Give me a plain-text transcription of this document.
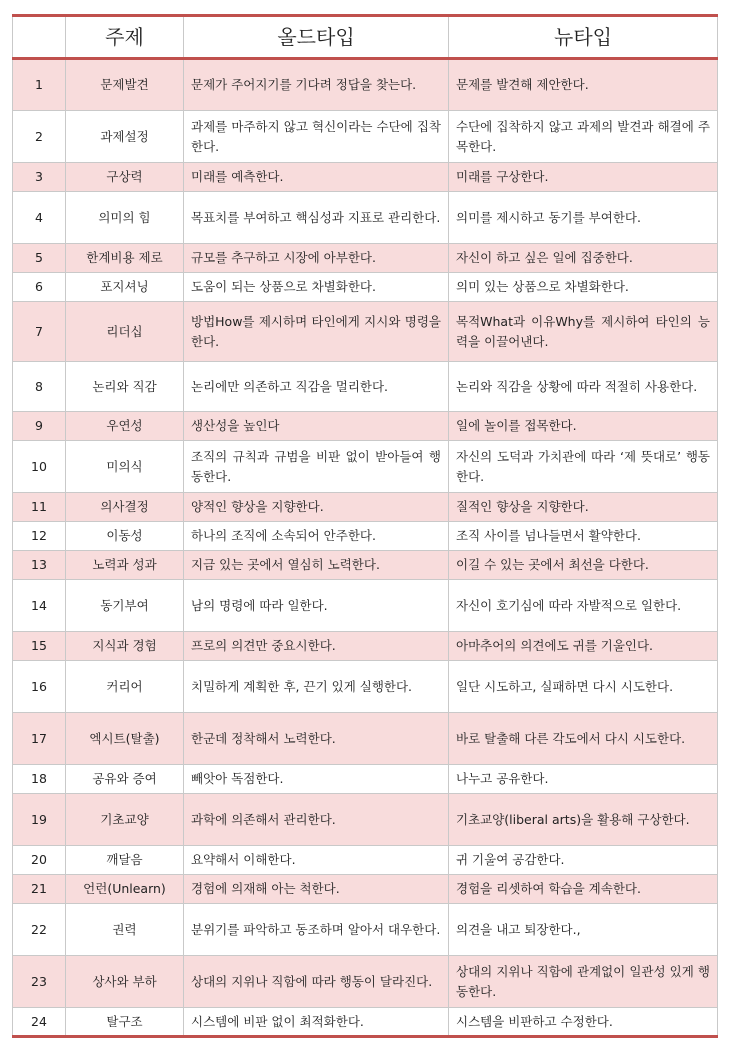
	주제	올드타입	뉴타입
1	문제발견	문제가 주어지기를 기다려 정답을 찾는다.	문제를 발견해 제안한다.
2	과제설정	과제를 마주하지 않고 혁신이라는 수단에 집착한다.	수단에 집착하지 않고 과제의 발견과 해결에 주목한다.
3	구상력	미래를 예측한다.	미래를 구상한다.
4	의미의 힘	목표치를 부여하고 핵심성과 지표로 관리한다.	의미를 제시하고 동기를 부여한다.
5	한계비용 제로	규모를 추구하고 시장에 아부한다.	자신이 하고 싶은 일에 집중한다.
6	포지셔닝	도움이 되는 상품으로 차별화한다.	의미 있는 상품으로 차별화한다.
7	리더십	방법How를 제시하며 타인에게 지시와 명령을 한다.	목적What과 이유Why를 제시하여 타인의 능력을 이끌어낸다.
8	논리와 직감	논리에만 의존하고 직감을 멀리한다.	논리와 직감을 상황에 따라 적절히 사용한다.
9	우연성	생산성을 높인다	일에 놀이를 접목한다.
10	미의식	조직의 규칙과 규범을 비판 없이 받아들여 행동한다.	자신의 도덕과 가치관에 따라 ‘제 뜻대로’ 행동한다.
11	의사결정	양적인 향상을 지향한다.	질적인 향상을 지향한다.
12	이동성	하나의 조직에 소속되어 안주한다.	조직 사이를 넘나들면서 활약한다.
13	노력과 성과	지금 있는 곳에서 열심히 노력한다.	이길 수 있는 곳에서 최선을 다한다.
14	동기부여	남의 명령에 따라 일한다.	자신이 호기심에 따라 자발적으로 일한다.
15	지식과 경험	프로의 의견만 중요시한다.	아마추어의 의견에도 귀를 기울인다.
16	커리어	치밀하게 계획한 후, 끈기 있게 실행한다.	일단 시도하고, 실패하면 다시 시도한다.
17	엑시트(탈출)	한군데 정착해서 노력한다.	바로 탈출해 다른 각도에서 다시 시도한다.
18	공유와 증여	빼앗아 독점한다.	나누고 공유한다.
19	기초교양	과학에 의존해서 관리한다.	기초교양(liberal arts)을 활용해 구상한다.
20	깨달음	요약해서 이해한다.	귀 기울여 공감한다.
21	언런(Unlearn)	경험에 의재해 아는 척한다.	경험을 리셋하여 학습을 계속한다.
22	권력	분위기를 파악하고 동조하며 알아서 대우한다.	의견을 내고 퇴장한다.,
23	상사와 부하	상대의 지위나 직함에 따라 행동이 달라진다.	상대의 지위나 직함에 관계없이 일관성 있게 행동한다.
24	탈구조	시스템에 비판 없이 최적화한다.	시스템을 비판하고 수정한다.
